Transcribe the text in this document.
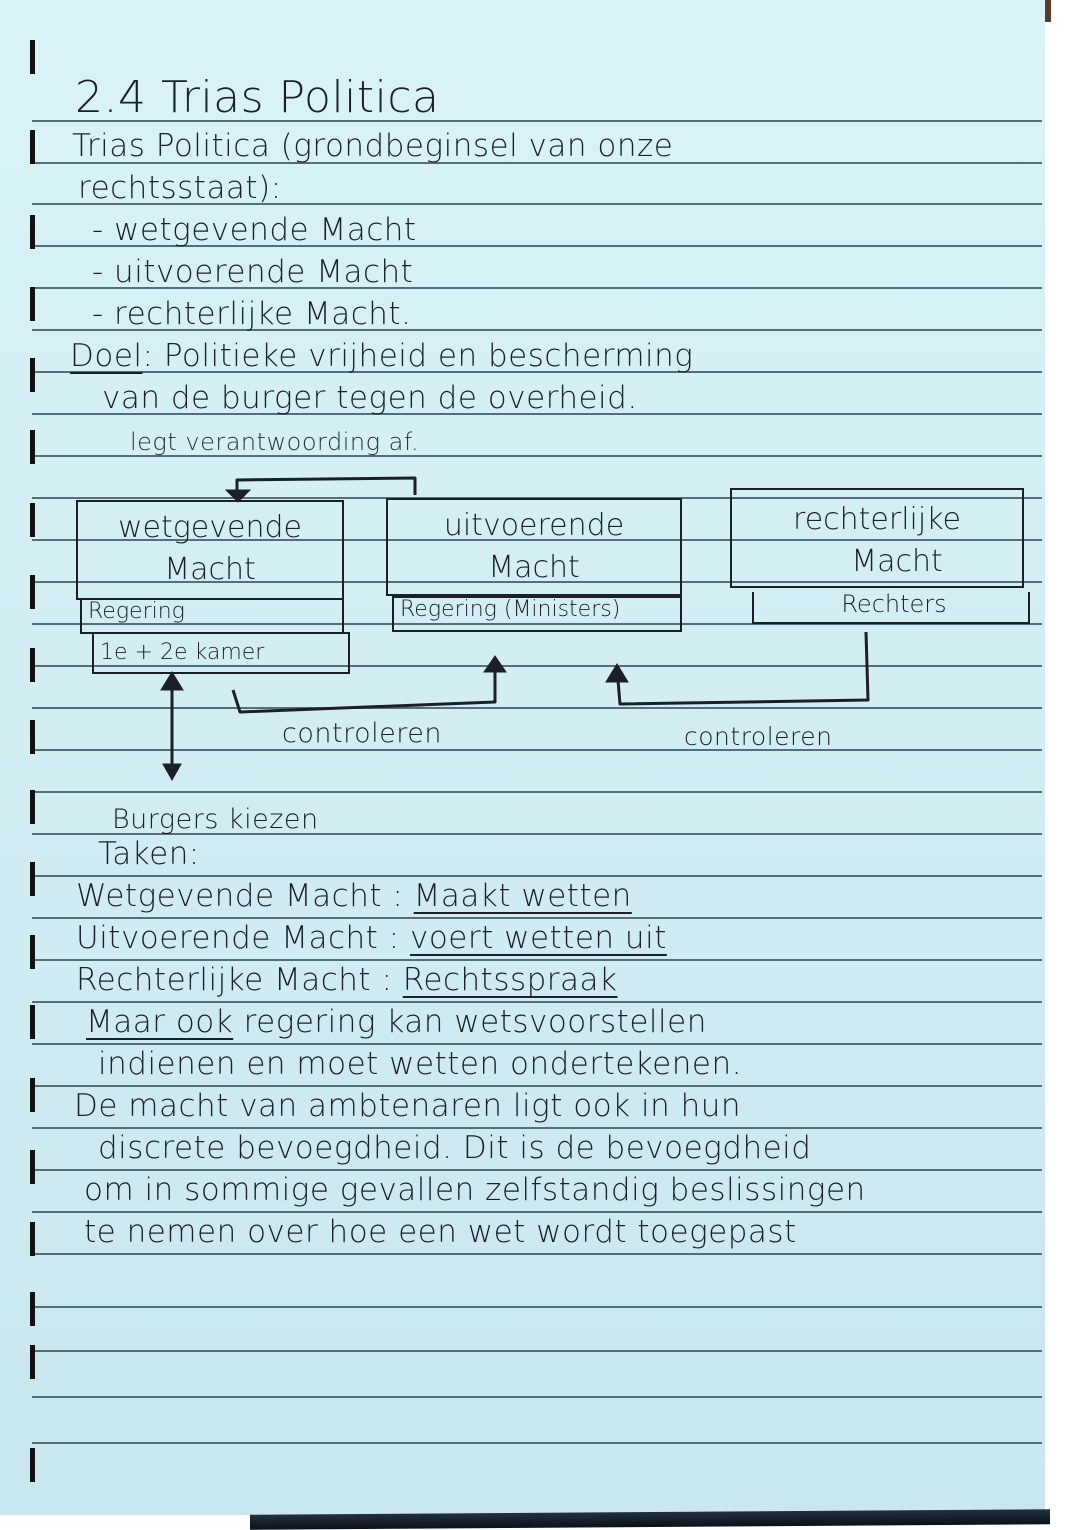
2.4 Trias Politica
Trias Politica (grondbeginsel van onze
rechtsstaat):
- wetgevende Macht
- uitvoerende Macht
- rechterlijke Macht.
Doel: Politieke vrijheid en bescherming
van de burger tegen de overheid.
legt verantwoording af.
wetgevende
Macht
Regering
1e + 2e kamer
uitvoerende
Macht
Regering (Ministers)
rechterlijke
Macht
Rechters
controleren	controleren
Burgers kiezen
Taken:
Wetgevende Macht : Maakt wetten
Uitvoerende Macht : voert wetten uit
Rechterlijke Macht : Rechtsspraak
Maar ook regering kan wetsvoorstellen
indienen en moet wetten ondertekenen.
De macht van ambtenaren ligt ook in hun
discrete bevoegdheid. Dit is de bevoegdheid
om in sommige gevallen zelfstandig beslissingen
te nemen over hoe een wet wordt toegepast
